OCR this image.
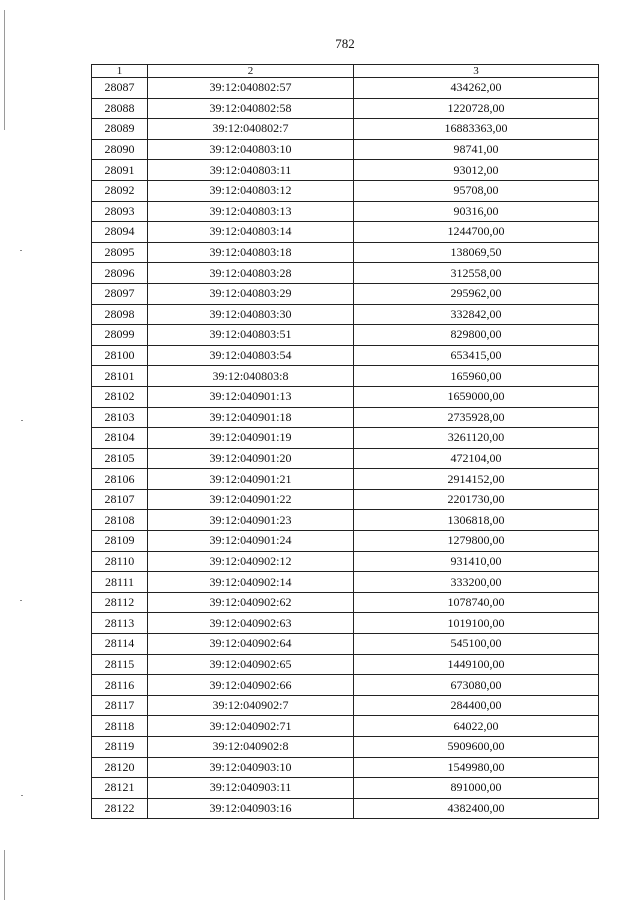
782
1	2	3
28087	39:12:040802:57	434262,00
28088	39:12:040802:58	1220728,00
28089	39:12:040802:7	16883363,00
28090	39:12:040803:10	98741,00
28091	39:12:040803:11	93012,00
28092	39:12:040803:12	95708,00
28093	39:12:040803:13	90316,00
28094	39:12:040803:14	1244700,00
28095	39:12:040803:18	138069,50
28096	39:12:040803:28	312558,00
28097	39:12:040803:29	295962,00
28098	39:12:040803:30	332842,00
28099	39:12:040803:51	829800,00
28100	39:12:040803:54	653415,00
28101	39:12:040803:8	165960,00
28102	39:12:040901:13	1659000,00
28103	39:12:040901:18	2735928,00
28104	39:12:040901:19	3261120,00
28105	39:12:040901:20	472104,00
28106	39:12:040901:21	2914152,00
28107	39:12:040901:22	2201730,00
28108	39:12:040901:23	1306818,00
28109	39:12:040901:24	1279800,00
28110	39:12:040902:12	931410,00
28111	39:12:040902:14	333200,00
28112	39:12:040902:62	1078740,00
28113	39:12:040902:63	1019100,00
28114	39:12:040902:64	545100,00
28115	39:12:040902:65	1449100,00
28116	39:12:040902:66	673080,00
28117	39:12:040902:7	284400,00
28118	39:12:040902:71	64022,00
28119	39:12:040902:8	5909600,00
28120	39:12:040903:10	1549980,00
28121	39:12:040903:11	891000,00
28122	39:12:040903:16	4382400,00
